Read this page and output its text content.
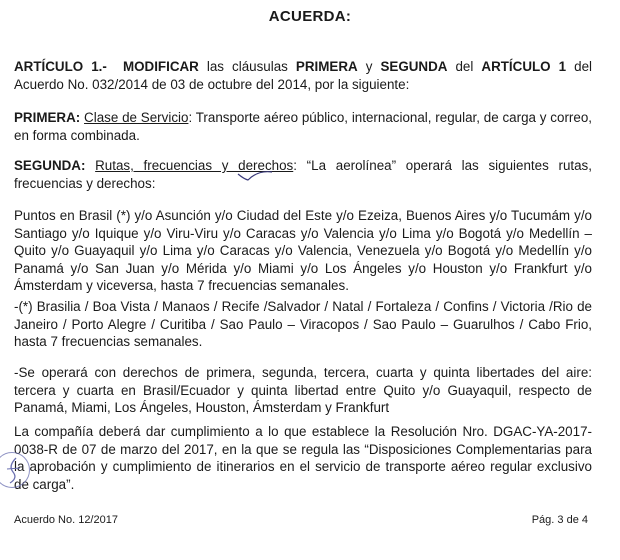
ACUERDA:
ARTÍCULO 1.- MODIFICAR las cláusulas PRIMERA y SEGUNDA del ARTÍCULO 1 del Acuerdo No. 032/2014 de 03 de octubre del 2014, por la siguiente:
PRIMERA: Clase de Servicio: Transporte aéreo público, internacional, regular, de carga y correo, en forma combinada.
SEGUNDA: Rutas, frecuencias y derechos: “La aerolínea” operará las siguientes rutas, frecuencias y derechos:
Puntos en Brasil (*) y/o Asunción y/o Ciudad del Este y/o Ezeiza, Buenos Aires y/o Tucumám y/o Santiago y/o Iquique y/o Viru-Viru y/o Caracas y/o Valencia y/o Lima y/o Bogotá y/o Medellín – Quito y/o Guayaquil y/o Lima y/o Caracas y/o Valencia, Venezuela y/o Bogotá y/o Medellín y/o Panamá y/o San Juan y/o Mérida y/o Miami y/o Los Ángeles y/o Houston y/o Frankfurt y/o Ámsterdam y viceversa, hasta 7 frecuencias semanales.
-(*) Brasilia / Boa Vista / Manaos / Recife /Salvador / Natal / Fortaleza / Confins / Victoria /Rio de Janeiro / Porto Alegre / Curitiba / Sao Paulo – Viracopos / Sao Paulo – Guarulhos / Cabo Frio, hasta 7 frecuencias semanales.
-Se operará con derechos de primera, segunda, tercera, cuarta y quinta libertades del aire: tercera y cuarta en Brasil/Ecuador y quinta libertad entre Quito y/o Guayaquil, respecto de Panamá, Miami, Los Ángeles, Houston, Ámsterdam y Frankfurt
La compañía deberá dar cumplimiento a lo que establece la Resolución Nro. DGAC-YA-2017-0038-R de 07 de marzo del 2017, en la que se regula las “Disposiciones Complementarias para la aprobación y cumplimiento de itinerarios en el servicio de transporte aéreo regular exclusivo de carga”.
Acuerdo No. 12/2017	Pág. 3 de 4
